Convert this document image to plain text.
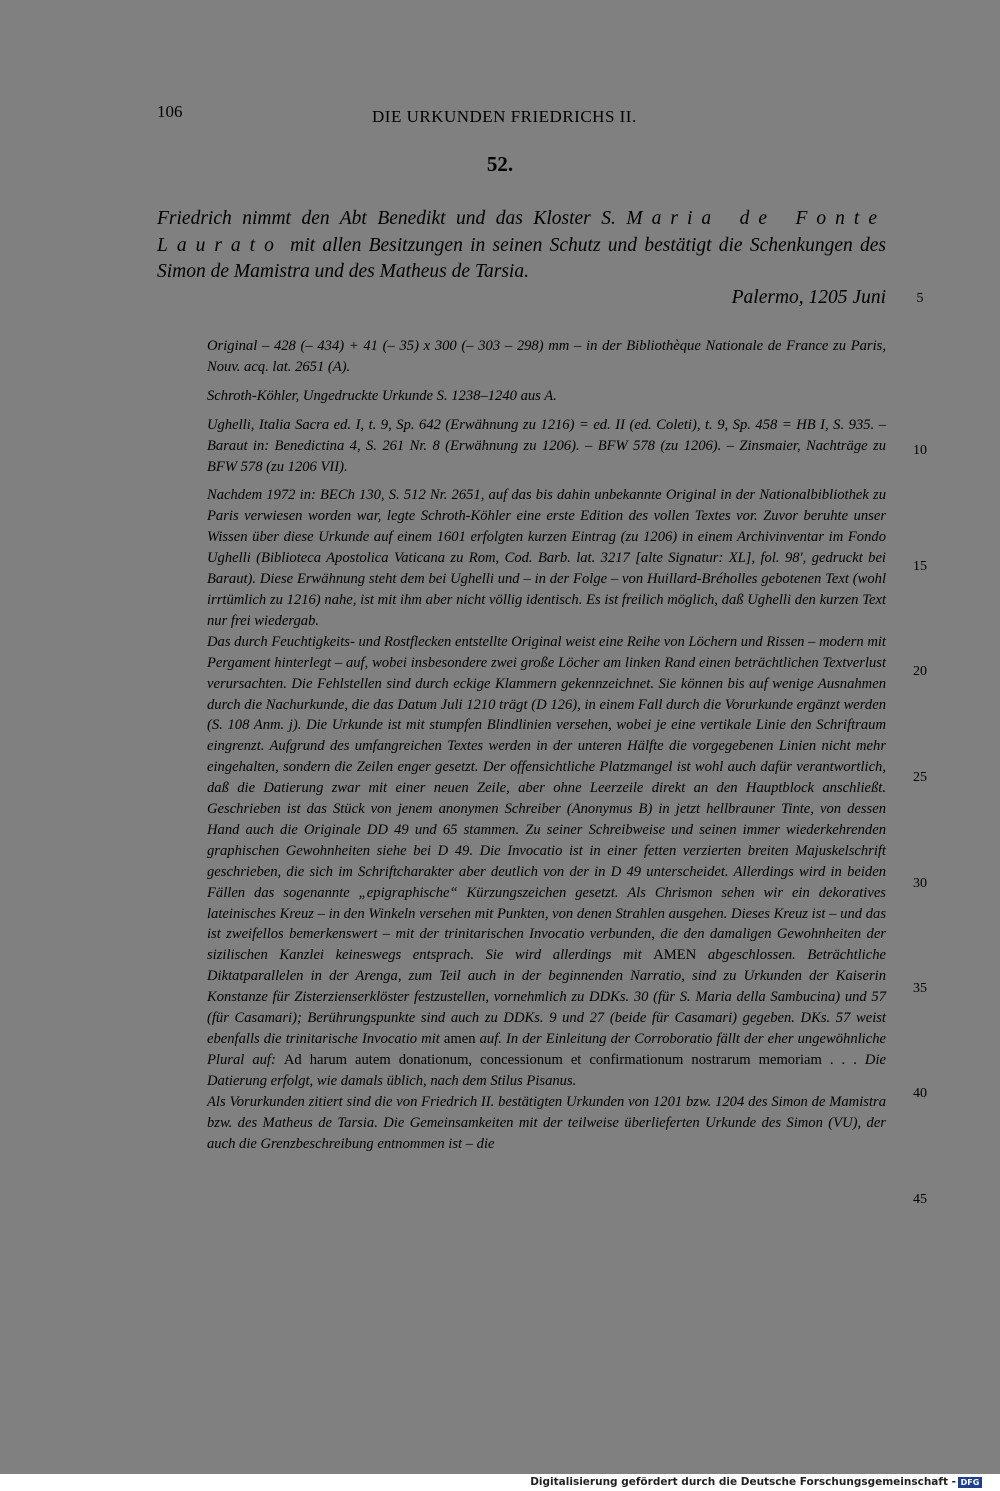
106	DIE URKUNDEN FRIEDRICHS II.
52.
Friedrich nimmt den Abt Benedikt und das Kloster S. Maria de Fonte Laurato mit allen Besitzungen in seinen Schutz und bestätigt die Schenkungen des Simon de Mamistra und des Matheus de Tarsia.
Palermo, 1205 Juni	5
10
15
20
25
30
35
40
45

Original – 428 (– 434) + 41 (– 35) x 300 (– 303 – 298) mm – in der Bibliothèque Nationale de France zu Paris, Nouv. acq. lat. 2651 (A).

Schroth-Köhler, Ungedruckte Urkunde S. 1238–1240 aus A.

Ughelli, Italia Sacra ed. I, t. 9, Sp. 642 (Erwähnung zu 1216) = ed. II (ed. Coleti), t. 9, Sp. 458 = HB I, S. 935. – Baraut in: Benedictina 4, S. 261 Nr. 8 (Erwähnung zu 1206). – BFW 578 (zu 1206). – Zinsmaier, Nachträge zu BFW 578 (zu 1206 VII).

Nachdem 1972 in: BECh 130, S. 512 Nr. 2651, auf das bis dahin unbekannte Original in der Nationalbibliothek zu Paris verwiesen worden war, legte Schroth-Köhler eine erste Edition des vollen Textes vor. Zuvor beruhte unser Wissen über diese Urkunde auf einem 1601 erfolgten kurzen Eintrag (zu 1206) in einem Archivinventar im Fondo Ughelli (Biblioteca Apostolica Vaticana zu Rom, Cod. Barb. lat. 3217 [alte Signatur: XL], fol. 98', gedruckt bei Baraut). Diese Erwähnung steht dem bei Ughelli und – in der Folge – von Huillard-Bréholles gebotenen Text (wohl irrtümlich zu 1216) nahe, ist mit ihm aber nicht völlig identisch. Es ist freilich möglich, daß Ughelli den kurzen Text nur frei wiedergab.

Das durch Feuchtigkeits- und Rostflecken entstellte Original weist eine Reihe von Löchern und Rissen – modern mit Pergament hinterlegt – auf, wobei insbesondere zwei große Löcher am linken Rand einen beträchtlichen Textverlust verursachten. Die Fehlstellen sind durch eckige Klammern gekennzeichnet. Sie können bis auf wenige Ausnahmen durch die Nachurkunde, die das Datum Juli 1210 trägt (D 126), in einem Fall durch die Vorurkunde ergänzt werden (S. 108 Anm. j). Die Urkunde ist mit stumpfen Blindlinien versehen, wobei je eine vertikale Linie den Schriftraum eingrenzt. Aufgrund des umfangreichen Textes werden in der unteren Hälfte die vorgegebenen Linien nicht mehr eingehalten, sondern die Zeilen enger gesetzt. Der offensichtliche Platzmangel ist wohl auch dafür verantwortlich, daß die Datierung zwar mit einer neuen Zeile, aber ohne Leerzeile direkt an den Hauptblock anschließt. Geschrieben ist das Stück von jenem anonymen Schreiber (Anonymus B) in jetzt hellbrauner Tinte, von dessen Hand auch die Originale DD 49 und 65 stammen. Zu seiner Schreibweise und seinen immer wiederkehrenden graphischen Gewohnheiten siehe bei D 49. Die Invocatio ist in einer fetten verzierten breiten Majuskelschrift geschrieben, die sich im Schriftcharakter aber deutlich von der in D 49 unterscheidet. Allerdings wird in beiden Fällen das sogenannte „epigraphische“ Kürzungszeichen gesetzt. Als Chrismon sehen wir ein dekoratives lateinisches Kreuz – in den Winkeln versehen mit Punkten, von denen Strahlen ausgehen. Dieses Kreuz ist – und das ist zweifellos bemerkenswert – mit der trinitarischen Invocatio verbunden, die den damaligen Gewohnheiten der sizilischen Kanzlei keineswegs entsprach. Sie wird allerdings mit AMEN abgeschlossen. Beträchtliche Diktatparallelen in der Arenga, zum Teil auch in der beginnenden Narratio, sind zu Urkunden der Kaiserin Konstanze für Zisterzienserklöster festzustellen, vornehmlich zu DDKs. 30 (für S. Maria della Sambucina) und 57 (für Casamari); Berührungspunkte sind auch zu DDKs. 9 und 27 (beide für Casamari) gegeben. DKs. 57 weist ebenfalls die trinitarische Invocatio mit amen auf. In der Einleitung der Corroboratio fällt der eher ungewöhnliche Plural auf: Ad harum autem donationum, concessionum et confirmationum nostrarum memoriam . . . Die Datierung erfolgt, wie damals üblich, nach dem Stilus Pisanus.

Als Vorurkunden zitiert sind die von Friedrich II. bestätigten Urkunden von 1201 bzw. 1204 des Simon de Mamistra bzw. des Matheus de Tarsia. Die Gemeinsamkeiten mit der teilweise überlieferten Urkunde des Simon (VU), der auch die Grenzbeschreibung entnommen ist – die

Digitalisierung gefördert durch die Deutsche Forschungsgemeinschaft - DFG
